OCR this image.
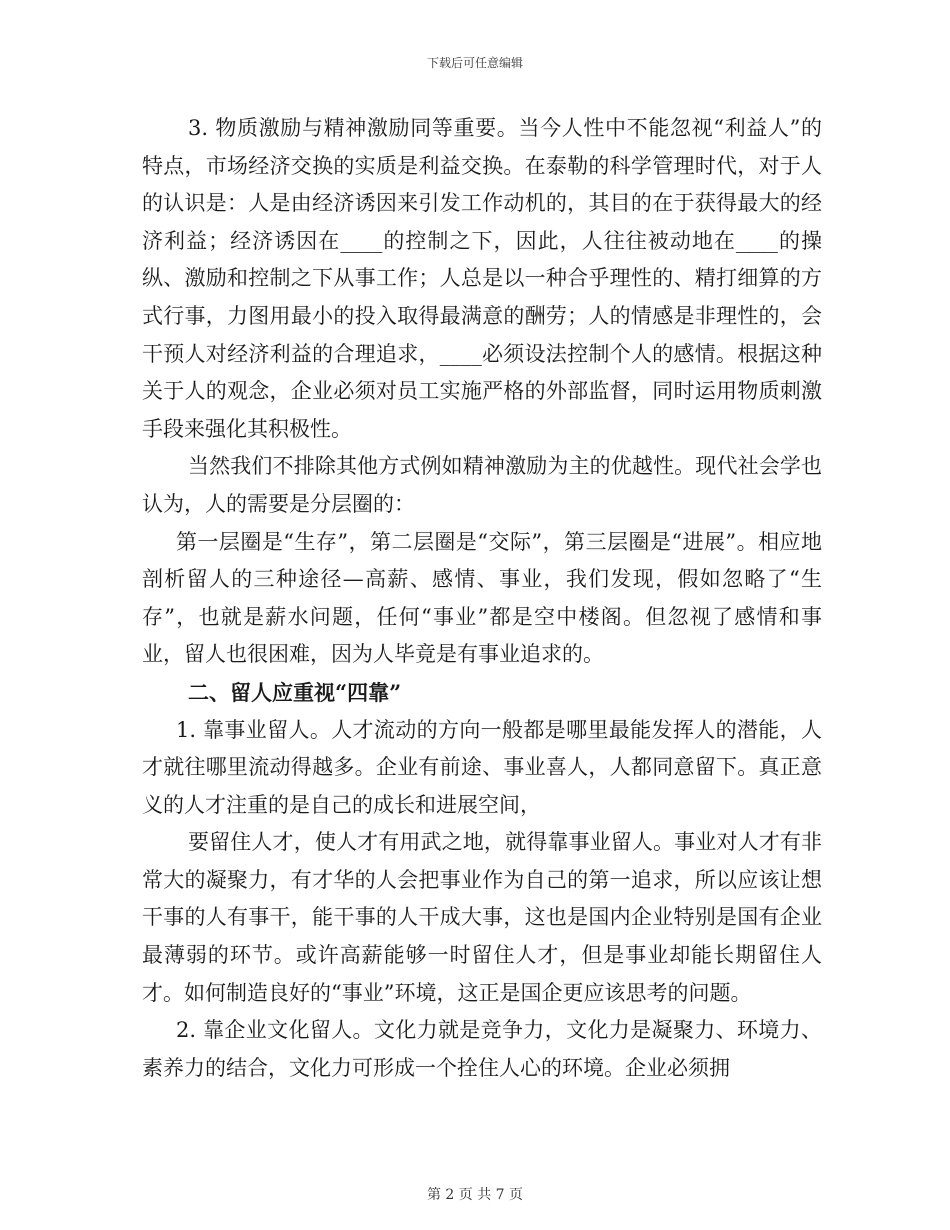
下载后可任意编辑

3. 物质激励与精神激励同等重要。当今人性中不能忽视“利益人”的特点，市场经济交换的实质是利益交换。在泰勒的科学管理时代，对于人的认识是：人是由经济诱因来引发工作动机的，其目的在于获得最大的经济利益；经济诱因在____的控制之下，因此，人往往被动地在____的操纵、激励和控制之下从事工作；人总是以一种合乎理性的、精打细算的方式行事，力图用最小的投入取得最满意的酬劳；人的情感是非理性的，会干预人对经济利益的合理追求，____必须设法控制个人的感情。根据这种关于人的观念，企业必须对员工实施严格的外部监督，同时运用物质刺激手段来强化其积极性。

当然我们不排除其他方式例如精神激励为主的优越性。现代社会学也认为，人的需要是分层圈的：

第一层圈是“生存”，第二层圈是“交际”，第三层圈是“进展”。相应地剖析留人的三种途径—高薪、感情、事业，我们发现，假如忽略了“生存”，也就是薪水问题，任何“事业”都是空中楼阁。但忽视了感情和事业，留人也很困难，因为人毕竟是有事业追求的。

二、留人应重视“四靠”

1. 靠事业留人。人才流动的方向一般都是哪里最能发挥人的潜能，人才就往哪里流动得越多。企业有前途、事业喜人，人都同意留下。真正意义的人才注重的是自己的成长和进展空间，

要留住人才，使人才有用武之地，就得靠事业留人。事业对人才有非常大的凝聚力，有才华的人会把事业作为自己的第一追求，所以应该让想干事的人有事干，能干事的人干成大事，这也是国内企业特别是国有企业最薄弱的环节。或许高薪能够一时留住人才，但是事业却能长期留住人才。如何制造良好的“事业”环境，这正是国企更应该思考的问题。

2. 靠企业文化留人。文化力就是竞争力，文化力是凝聚力、环境力、素养力的结合，文化力可形成一个拴住人心的环境。企业必须拥

第 2 页 共 7 页
